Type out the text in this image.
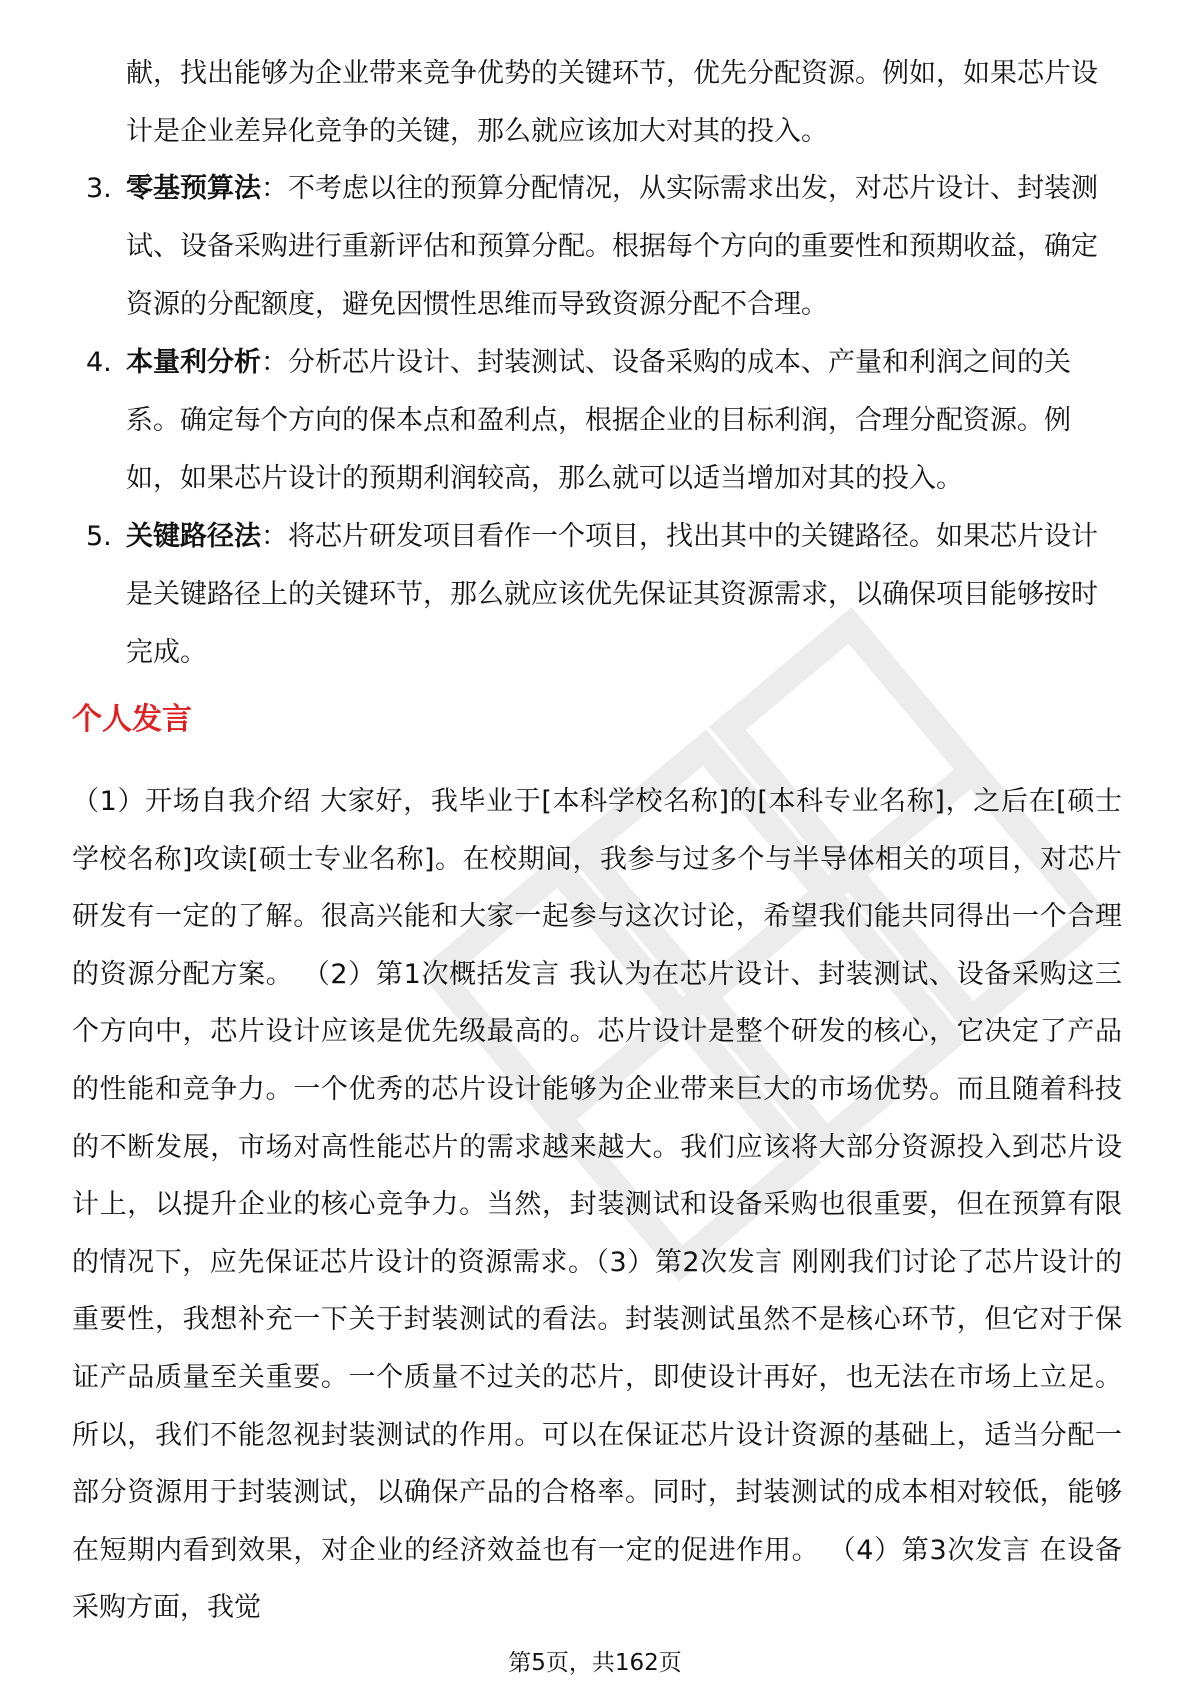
献，找出能够为企业带来竞争优势的关键环节，优先分配资源。例如，如果芯片设计是企业差异化竞争的关键，那么就应该加大对其的投入。

3. 零基预算法：不考虑以往的预算分配情况，从实际需求出发，对芯片设计、封装测试、设备采购进行重新评估和预算分配。根据每个方向的重要性和预期收益，确定资源的分配额度，避免因惯性思维而导致资源分配不合理。
4. 本量利分析：分析芯片设计、封装测试、设备采购的成本、产量和利润之间的关系。确定每个方向的保本点和盈利点，根据企业的目标利润，合理分配资源。例如，如果芯片设计的预期利润较高，那么就可以适当增加对其的投入。
5. 关键路径法：将芯片研发项目看作一个项目，找出其中的关键路径。如果芯片设计是关键路径上的关键环节，那么就应该优先保证其资源需求，以确保项目能够按时完成。
个人发言

（1）开场自我介绍 大家好，我毕业于[本科学校名称]的[本科专业名称]，之后在[硕士学校名称]攻读[硕士专业名称]。在校期间，我参与过多个与半导体相关的项目，对芯片研发有一定的了解。很高兴能和大家一起参与这次讨论，希望我们能共同得出一个合理的资源分配方案。 （2）第1次概括发言 我认为在芯片设计、封装测试、设备采购这三个方向中，芯片设计应该是优先级最高的。芯片设计是整个研发的核心，它决定了产品的性能和竞争力。一个优秀的芯片设计能够为企业带来巨大的市场优势。而且随着科技的不断发展，市场对高性能芯片的需求越来越大。我们应该将大部分资源投入到芯片设计上，以提升企业的核心竞争力。当然，封装测试和设备采购也很重要，但在预算有限的情况下，应先保证芯片设计的资源需求。（3）第2次发言 刚刚我们讨论了芯片设计的重要性，我想补充一下关于封装测试的看法。封装测试虽然不是核心环节，但它对于保证产品质量至关重要。一个质量不过关的芯片，即使设计再好，也无法在市场上立足。所以，我们不能忽视封装测试的作用。可以在保证芯片设计资源的基础上，适当分配一部分资源用于封装测试，以确保产品的合格率。同时，封装测试的成本相对较低，能够在短期内看到效果，对企业的经济效益也有一定的促进作用。 （4）第3次发言 在设备采购方面，我觉

第5页，共162页
